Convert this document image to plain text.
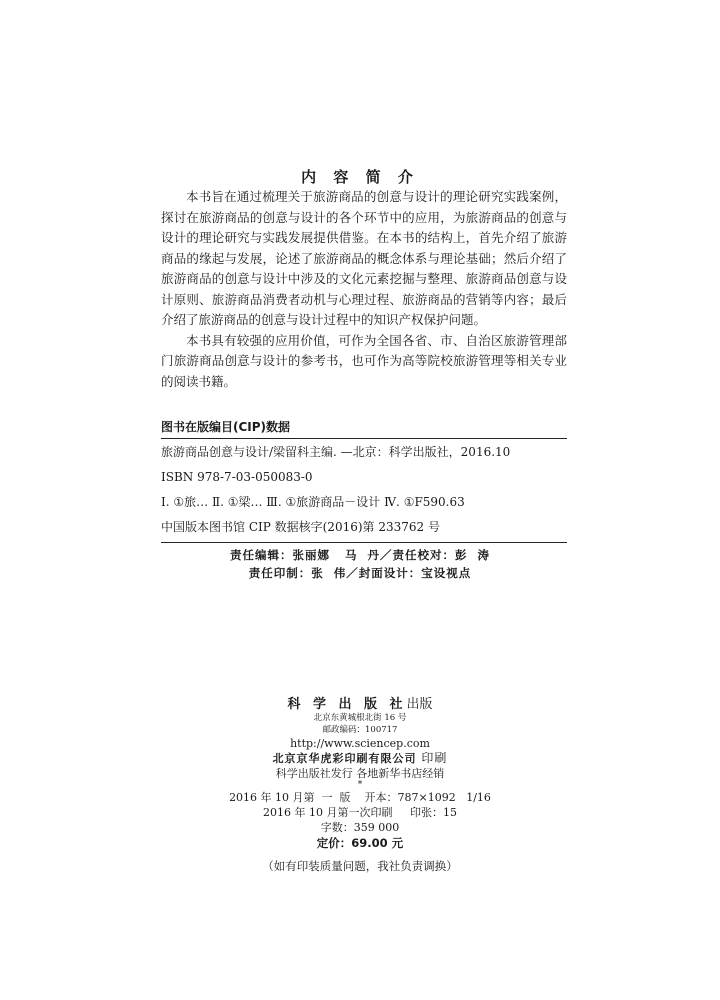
内 容 简 介

本书旨在通过梳理关于旅游商品的创意与设计的理论研究实践案例，探讨在旅游商品的创意与设计的各个环节中的应用，为旅游商品的创意与设计的理论研究与实践发展提供借鉴。在本书的结构上，首先介绍了旅游商品的缘起与发展，论述了旅游商品的概念体系与理论基础；然后介绍了旅游商品的创意与设计中涉及的文化元素挖掘与整理、旅游商品创意与设计原则、旅游商品消费者动机与心理过程、旅游商品的营销等内容；最后介绍了旅游商品的创意与设计过程中的知识产权保护问题。

本书具有较强的应用价值，可作为全国各省、市、自治区旅游管理部门旅游商品创意与设计的参考书，也可作为高等院校旅游管理等相关专业的阅读书籍。

图书在版编目(CIP)数据
旅游商品创意与设计/梁留科主编. —北京：科学出版社，2016.10
ISBN 978-7-03-050083-0
Ⅰ. ①旅… Ⅱ. ①梁… Ⅲ. ①旅游商品－设计 Ⅳ. ①F590.63
中国版本图书馆 CIP 数据核字(2016)第 233762 号
责任编辑：张丽娜   马  丹／责任校对：彭  涛
责任印制：张  伟／封面设计：宝设视点
科 学 出 版 社出版
北京东黄城根北街 16 号
邮政编码：100717
http://www.sciencep.com
北京京华虎彩印刷有限公司 印刷
科学出版社发行 各地新华书店经销
*
2016 年 10 月第  一  版    开本：787×1092   1/16
2016 年 10 月第一次印刷     印张：15
字数：359 000
定价：69.00 元
（如有印装质量问题，我社负责调换）
